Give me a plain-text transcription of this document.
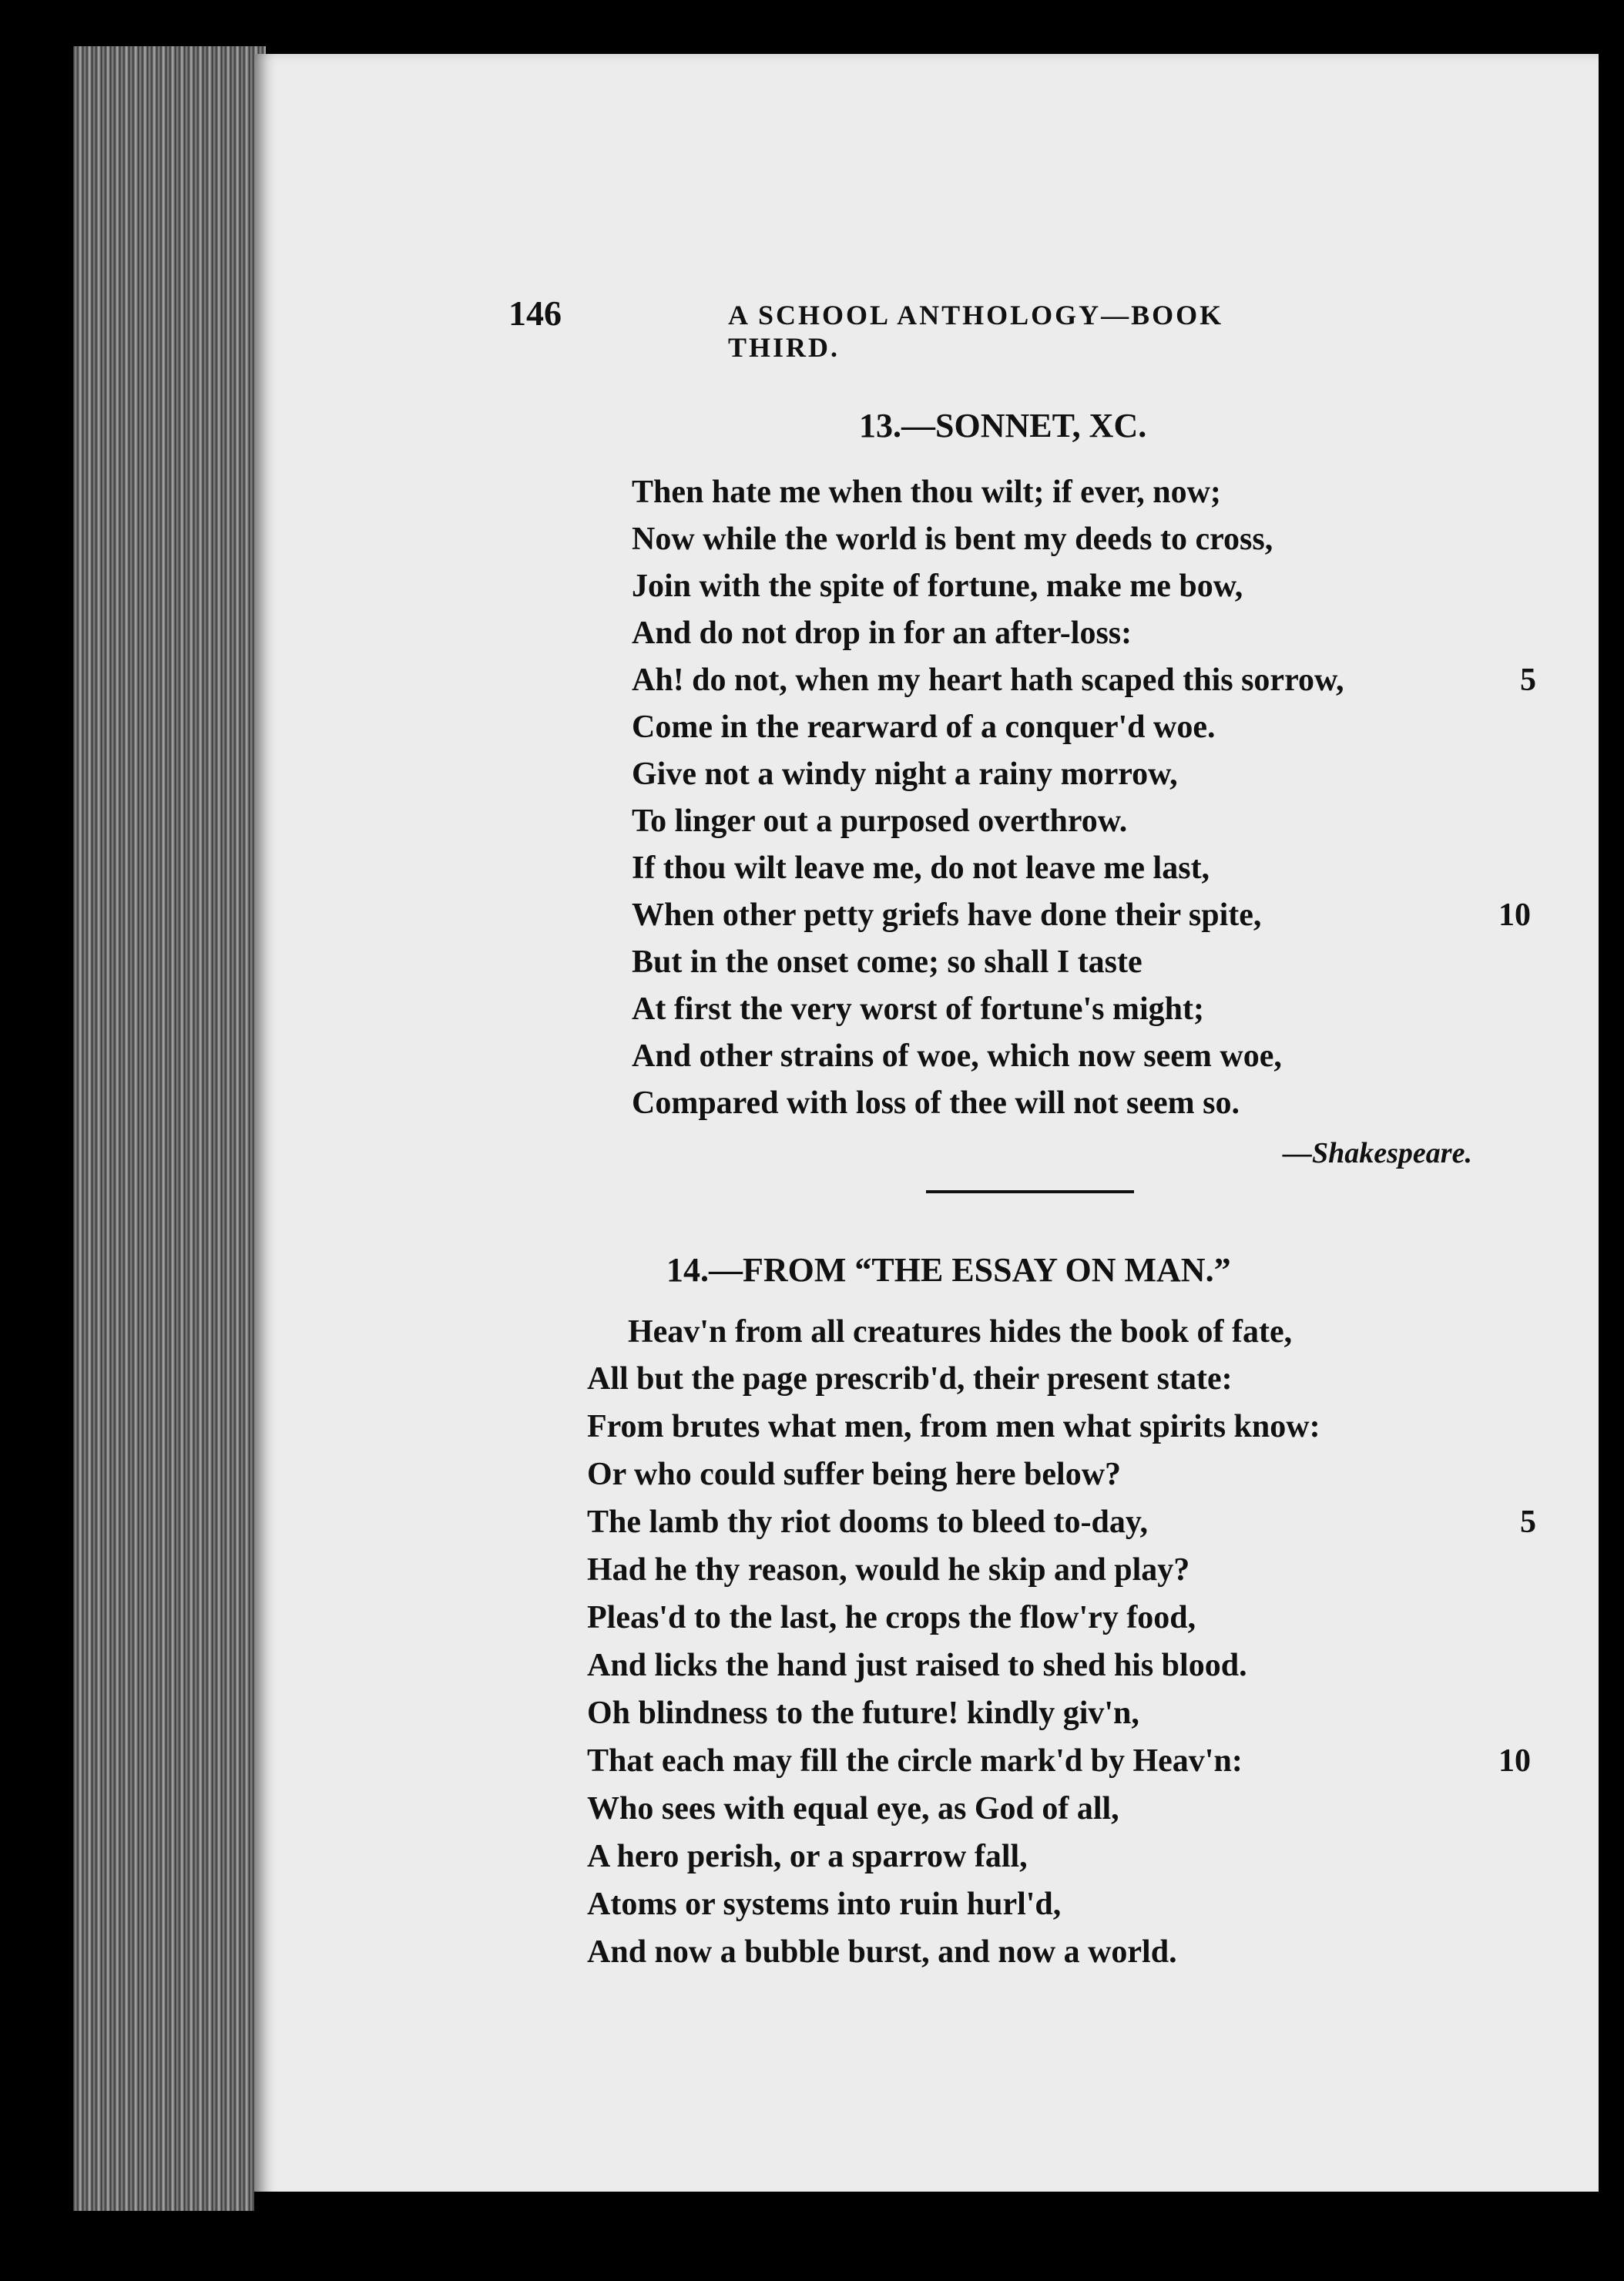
146	A SCHOOL ANTHOLOGY—BOOK THIRD.
13.—SONNET, XC.
Then hate me when thou wilt; if ever, now;
Now while the world is bent my deeds to cross,
Join with the spite of fortune, make me bow,
And do not drop in for an after-loss:
Ah! do not, when my heart hath scaped this sorrow,
Come in the rearward of a conquer'd woe.
Give not a windy night a rainy morrow,
To linger out a purposed overthrow.
If thou wilt leave me, do not leave me last,
When other petty griefs have done their spite,
But in the onset come; so shall I taste
At first the very worst of fortune's might;
And other strains of woe, which now seem woe,
Compared with loss of thee will not seem so.
5
10
—Shakespeare.
14.—FROM “THE ESSAY ON MAN.”
Heav'n from all creatures hides the book of fate,
All but the page prescrib'd, their present state:
From brutes what men, from men what spirits know:
Or who could suffer being here below?
The lamb thy riot dooms to bleed to-day,
Had he thy reason, would he skip and play?
Pleas'd to the last, he crops the flow'ry food,
And licks the hand just raised to shed his blood.
Oh blindness to the future! kindly giv'n,
That each may fill the circle mark'd by Heav'n:
Who sees with equal eye, as God of all,
A hero perish, or a sparrow fall,
Atoms or systems into ruin hurl'd,
And now a bubble burst, and now a world.
5
10
